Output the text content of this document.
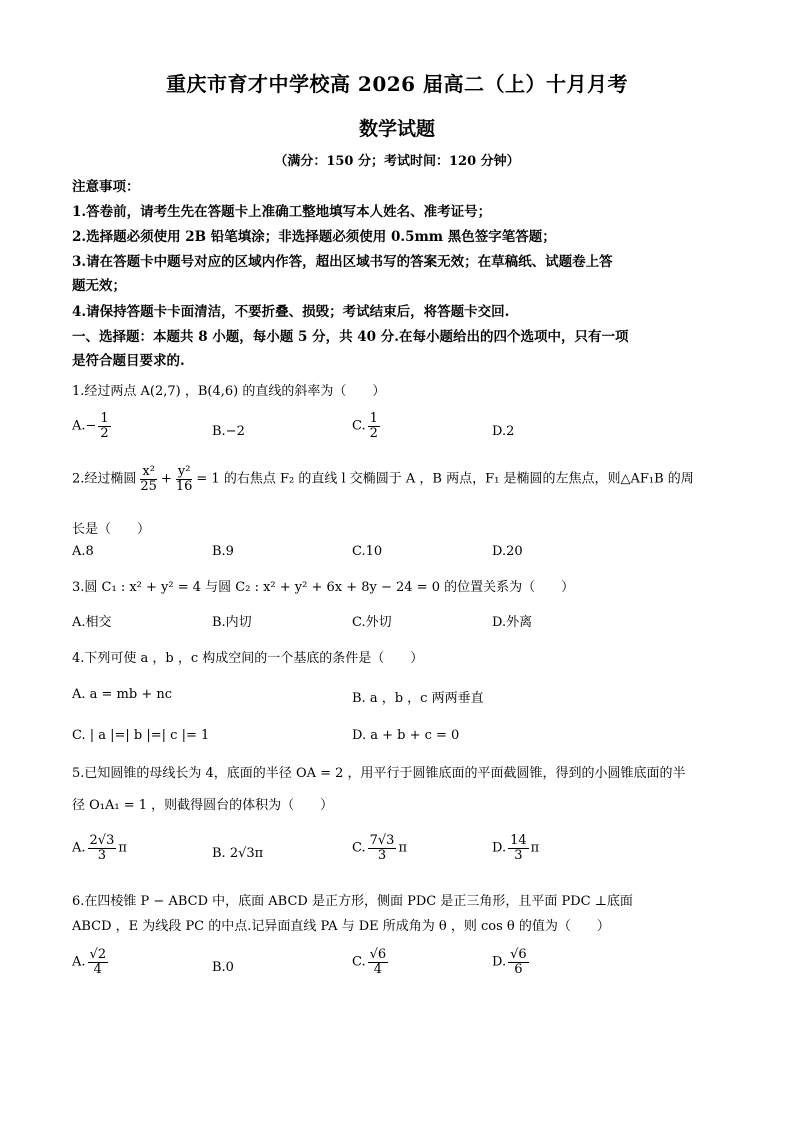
重庆市育才中学校高 2026 届高二（上）十月月考
数学试题
（满分：150 分；考试时间：120 分钟）
注意事项：
1.答卷前，请考生先在答题卡上准确工整地填写本人姓名、准考证号；
2.选择题必须使用 2B 铅笔填涂；非选择题必须使用 0.5mm 黑色签字笔答题；
3.请在答题卡中题号对应的区域内作答，超出区域书写的答案无效；在草稿纸、试题卷上答
题无效；
4.请保持答题卡卡面清洁，不要折叠、损毁；考试结束后，将答题卡交回.
一、选择题：本题共 8 小题，每小题 5 分，共 40 分.在每小题给出的四个选项中，只有一项
是符合题目要求的.
1.经过两点 A(2,7) ，B(4,6) 的直线的斜率为（　　）
$A.- \frac{1}{2}$	B.−2	C. $\frac{1}{2}$	D.2
2.经过椭圆 $\frac{\text{x²}}{25} + \frac{\text{y²}}{16} = 1$ 的右焦点 F₂ 的直线 l 交椭圆于 A ，B 两点，F₁ 是椭圆的左焦点，则△AF₁B 的周
长是（　　）
A.8	B.9	C.10	D.20
3.圆 C₁ : x² + y² = 4 与圆 C₂ : x² + y² + 6x + 8y − 24 = 0 的位置关系为（　　）
A.相交	B.内切	C.外切	D.外离
4.下列可使 a ，b ，c 构成空间的一个基底的条件是（　　）
A. a = mb + nc	B. a ，b ，c 两两垂直
C. | a |=| b |=| c |= 1	D. a + b + c = 0
5.已知圆锥的母线长为 4，底面的半径 OA = 2 ，用平行于圆锥底面的平面截圆锥，得到的小圆锥底面的半
径 O₁A₁ = 1 ，则截得圆台的体积为（　　）
A. $\frac{2√3}{3}$ π	B. 2√3π	C. $\frac{7√3}{3}$ π	D. $\frac{14}{3}$ π
6.在四棱锥 P − ABCD 中，底面 ABCD 是正方形，侧面 PDC 是正三角形，且平面 PDC ⊥底面
ABCD ，E 为线段 PC 的中点.记异面直线 PA 与 DE 所成角为 θ ，则 cos θ 的值为（　　）
A. $\frac{√2}{4}$	B.0	C. $\frac{√6}{4}$	D. $\frac{√6}{6}$
